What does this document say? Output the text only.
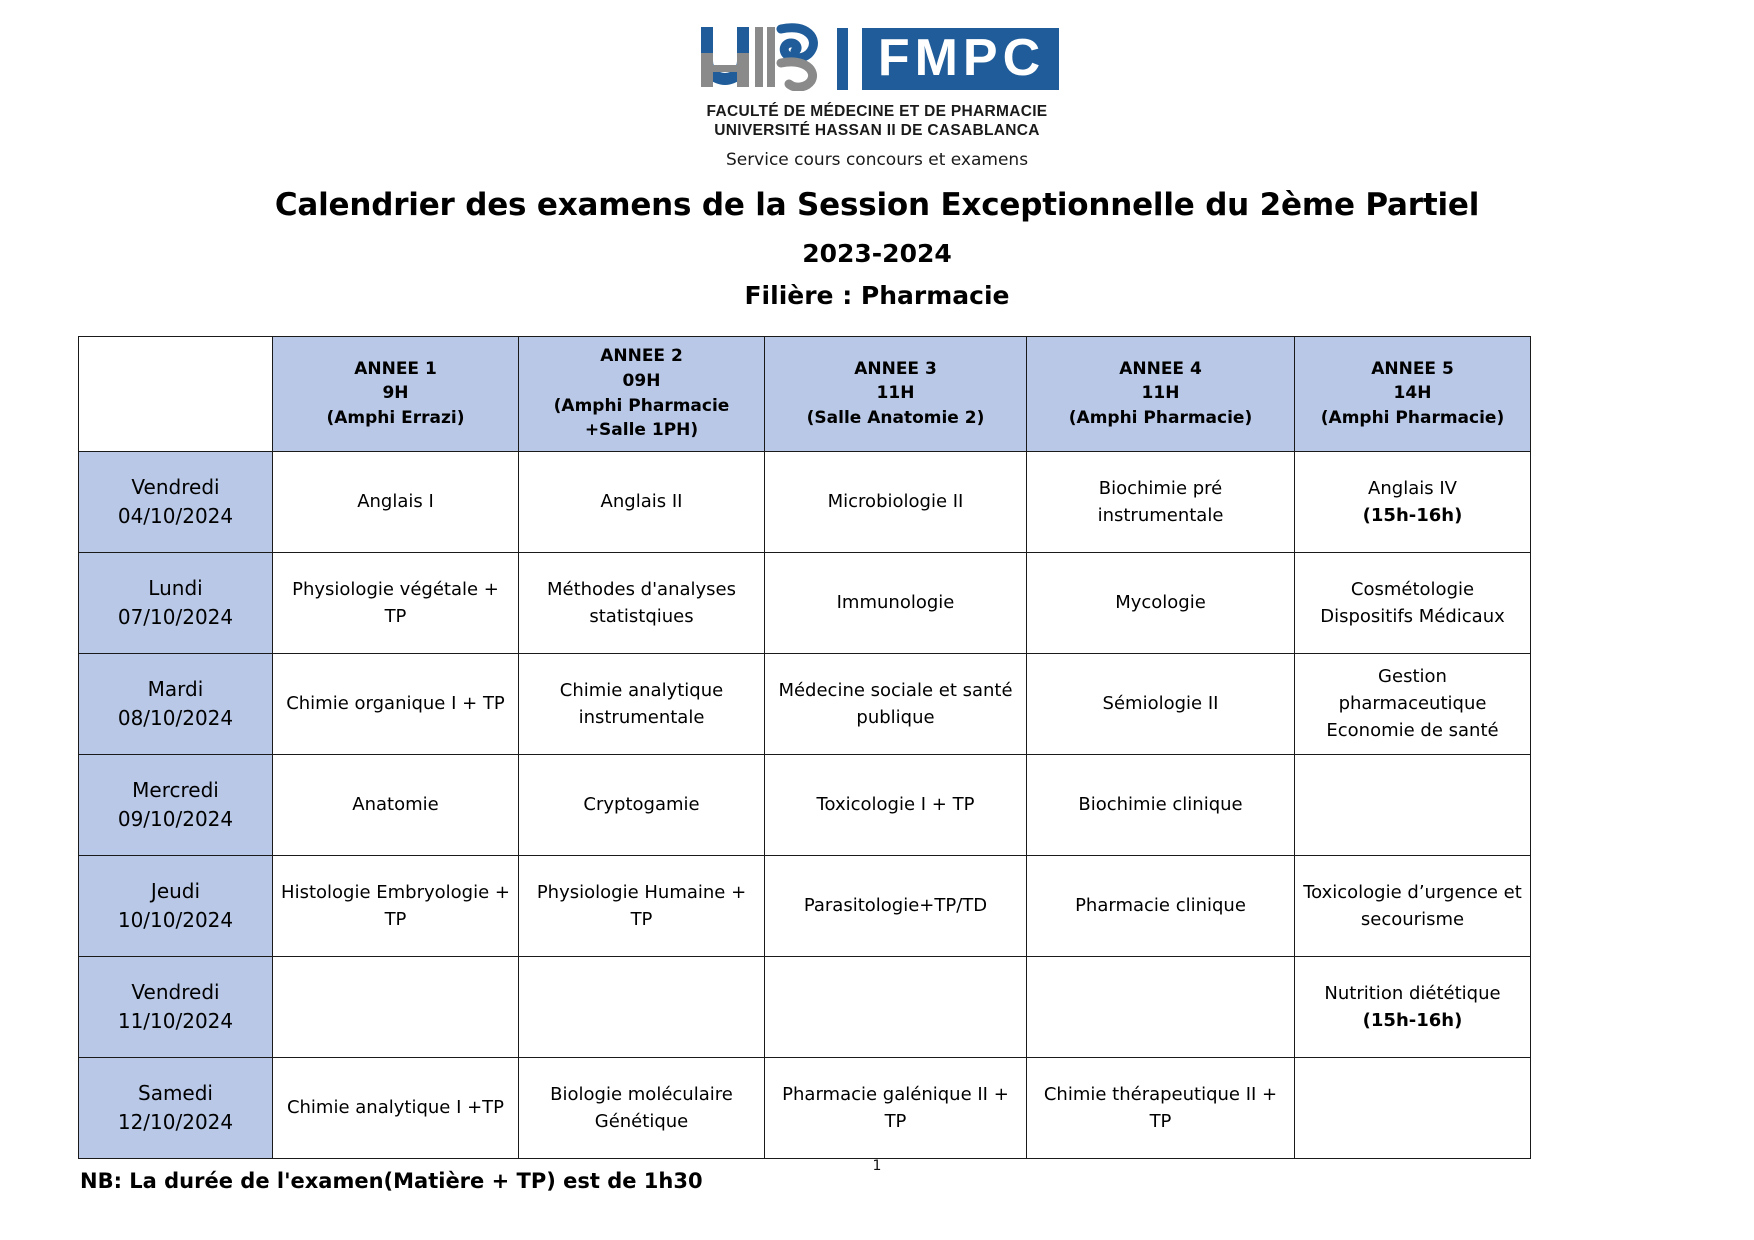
FMPC
FACULTÉ DE MÉDECINE ET DE PHARMACIE
UNIVERSITÉ HASSAN II DE CASABLANCA
Service cours concours et examens
Calendrier des examens de la Session Exceptionnelle du 2ème Partiel
2023-2024
Filière : Pharmacie

	ANNEE 1
9H
(Amphi Errazi)	ANNEE 2
09H
(Amphi Pharmacie +Salle 1PH)	ANNEE 3
11H
(Salle Anatomie 2)	ANNEE 4
11H
(Amphi Pharmacie)	ANNEE 5
14H
(Amphi Pharmacie)

Vendredi
04/10/2024	Anglais I	Anglais II	Microbiologie II	Biochimie pré instrumentale	Anglais IV
(15h-16h)

Lundi
07/10/2024	Physiologie végétale + TP	Méthodes d'analyses statistqiues	Immunologie	Mycologie	Cosmétologie
Dispositifs Médicaux

Mardi
08/10/2024	Chimie organique I + TP	Chimie analytique instrumentale	Médecine sociale et santé publique	Sémiologie II	Gestion pharmaceutique
Economie de santé

Mercredi
09/10/2024	Anatomie	Cryptogamie	Toxicologie I + TP	Biochimie clinique	

Jeudi
10/10/2024	Histologie Embryologie + TP	Physiologie Humaine + TP	Parasitologie+TP/TD	Pharmacie clinique	Toxicologie d’urgence et secourisme

Vendredi
11/10/2024					Nutrition diététique
(15h-16h)

Samedi
12/10/2024	Chimie analytique I +TP	Biologie moléculaire Génétique	Pharmacie galénique II + TP	Chimie thérapeutique II + TP	

NB: La durée de l'examen(Matière + TP) est de 1h30
1
